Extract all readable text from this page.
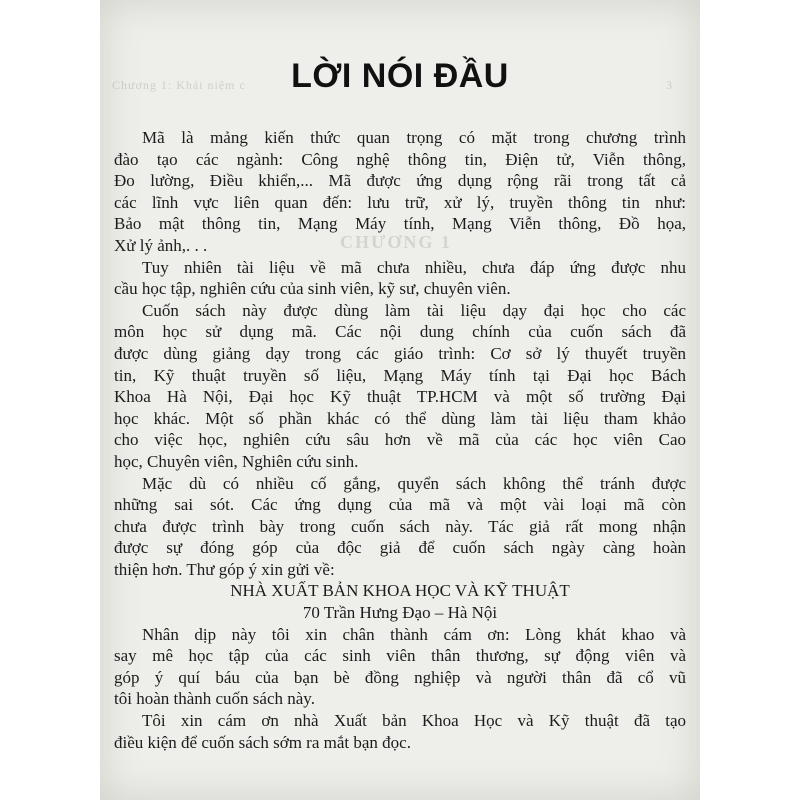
Chương 1: Khái niệm c	3
CHƯƠNG 1
LỜI NÓI ĐẦU
Mã là mảng kiến thức quan trọng có mặt trong chương trình
đào tạo các ngành: Công nghệ thông tin, Điện tử, Viễn thông,
Đo lường, Điều khiển,... Mã được ứng dụng rộng rãi trong tất cả
các lĩnh vực liên quan đến: lưu trữ, xử lý, truyền thông tin như:
Bảo mật thông tin, Mạng Máy tính, Mạng Viễn thông, Đồ họa,
Xử lý ảnh,. . .
Tuy nhiên tài liệu về mã chưa nhiều, chưa đáp ứng được nhu
cầu học tập, nghiên cứu của sinh viên, kỹ sư, chuyên viên.
Cuốn sách này được dùng làm tài liệu dạy đại học cho các
môn học sử dụng mã. Các nội dung chính của cuốn sách đã
được dùng giảng dạy trong các giáo trình: Cơ sở lý thuyết truyền
tin, Kỹ thuật truyền số liệu, Mạng Máy tính tại Đại học Bách
Khoa Hà Nội, Đại học Kỹ thuật TP.HCM và một số trường Đại
học khác. Một số phần khác có thể dùng làm tài liệu tham khảo
cho việc học, nghiên cứu sâu hơn về mã của các học viên Cao
học, Chuyên viên, Nghiên cứu sinh.
Mặc dù có nhiều cố gắng, quyển sách không thể tránh được
những sai sót. Các ứng dụng của mã và một vài loại mã còn
chưa được trình bày trong cuốn sách này. Tác giả rất mong nhận
được sự đóng góp của độc giả để cuốn sách ngày càng hoàn
thiện hơn. Thư góp ý xin gửi về:
NHÀ XUẤT BẢN KHOA HỌC VÀ KỸ THUẬT
70 Trần Hưng Đạo – Hà Nội
Nhân dịp này tôi xin chân thành cám ơn: Lòng khát khao và
say mê học tập của các sinh viên thân thương, sự động viên và
góp ý quí báu của bạn bè đồng nghiệp và người thân đã cổ vũ
tôi hoàn thành cuốn sách này.
Tôi xin cám ơn nhà Xuất bản Khoa Học và Kỹ thuật đã tạo
điều kiện để cuốn sách sớm ra mắt bạn đọc.
